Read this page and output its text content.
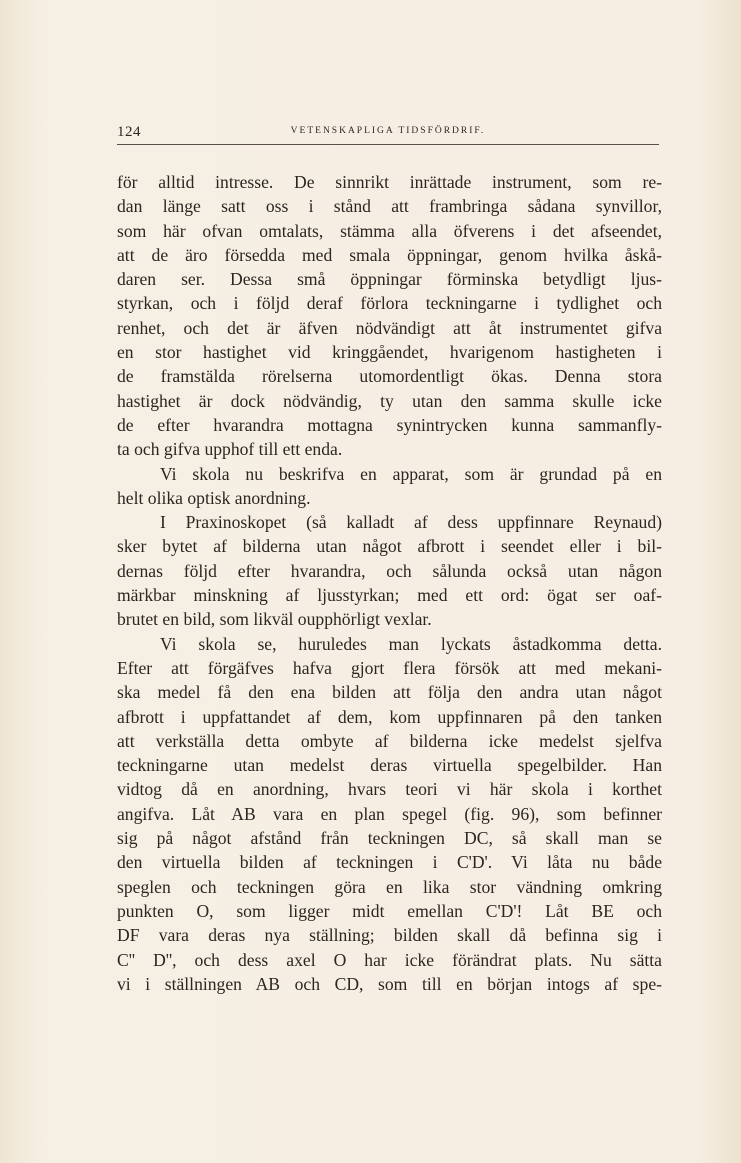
124	VETENSKAPLIGA TIDSFÖRDRIF.
för alltid intresse. De sinnrikt inrättade instrument, som re-
dan länge satt oss i stånd att frambringa sådana synvillor,
som här ofvan omtalats, stämma alla öfverens i det afseendet,
att de äro försedda med smala öppningar, genom hvilka åskå-
daren ser. Dessa små öppningar förminska betydligt ljus-
styrkan, och i följd deraf förlora teckningarne i tydlighet och
renhet, och det är äfven nödvändigt att åt instrumentet gifva
en stor hastighet vid kringgåendet, hvarigenom hastigheten i
de framstälda rörelserna utomordentligt ökas. Denna stora
hastighet är dock nödvändig, ty utan den samma skulle icke
de efter hvarandra mottagna synintrycken kunna sammanfly-
ta och gifva upphof till ett enda.
Vi skola nu beskrifva en apparat, som är grundad på en
helt olika optisk anordning.
I Praxinoskopet (så kalladt af dess uppfinnare Reynaud)
sker bytet af bilderna utan något afbrott i seendet eller i bil-
dernas följd efter hvarandra, och sålunda också utan någon
märkbar minskning af ljusstyrkan; med ett ord: ögat ser oaf-
brutet en bild, som likväl oupphörligt vexlar.
Vi skola se, huruledes man lyckats åstadkomma detta.
Efter att förgäfves hafva gjort flera försök att med mekani-
ska medel få den ena bilden att följa den andra utan något
afbrott i uppfattandet af dem, kom uppfinnaren på den tanken
att verkställa detta ombyte af bilderna icke medelst sjelfva
teckningarne utan medelst deras virtuella spegelbilder. Han
vidtog då en anordning, hvars teori vi här skola i korthet
angifva. Låt AB vara en plan spegel (fig. 96), som befinner
sig på något afstånd från teckningen DC, så skall man se
den virtuella bilden af teckningen i C'D'. Vi låta nu både
speglen och teckningen göra en lika stor vändning omkring
punkten O, som ligger midt emellan C'D'! Låt BE och
DF vara deras nya ställning; bilden skall då befinna sig i
C'' D'', och dess axel O har icke förändrat plats. Nu sätta
vi i ställningen AB och CD, som till en början intogs af spe-
